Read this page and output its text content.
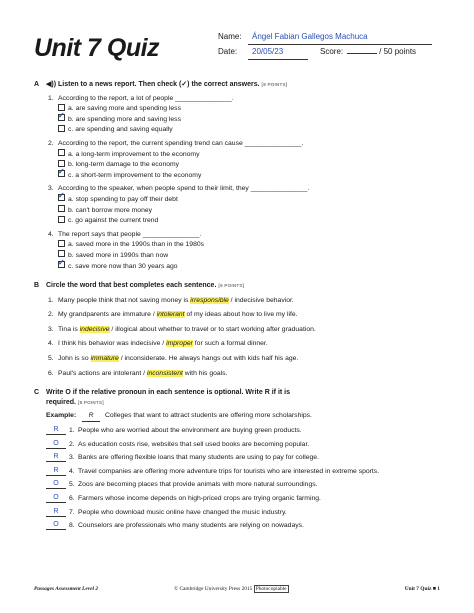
Unit 7 Quiz	Name: Ángel Fabian Gallegos Machuca
Date: 20/05/23	Score:	/ 50 points
A ◀)) Listen to a news report. Then check (✓) the correct answers. [8 POINTS]
1. According to the report, a lot of people _______________.
a. are saving more and spending less
✓ b. are spending more and saving less
c. are spending and saving equally
2. According to the report, the current spending trend can cause _______________.
a. a long-term improvement to the economy
b. long-term damage to the economy
✓ c. a short-term improvement to the economy
3. According to the speaker, when people spend to their limit, they _______________.
✓ a. stop spending to pay off their debt
b. can't borrow more money
c. go against the current trend
4. The report says that people _______________.
a. saved more in the 1990s than in the 1980s
b. saved more in 1990s than now
✓ c. save more now than 30 years ago
B Circle the word that best completes each sentence. [6 POINTS]
1. Many people think that not saving money is irresponsible / indecisive behavior.
2. My grandparents are immature / intolerant of my ideas about how to live my life.
3. Tina is indecisive / illogical about whether to travel or to start working after graduation.
4. I think his behavior was indecisive / improper for such a formal dinner.
5. John is so immature / inconsiderate. He always hangs out with kids half his age.
6. Paul's actions are intolerant / inconsistent with his goals.
C Write O if the relative pronoun in each sentence is optional. Write R if it is
required. [8 POINTS]
Example: R Colleges that want to attract students are offering more scholarships.
R	1. People who are worried about the environment are buying green products.
O	2. As education costs rise, websites that sell used books are becoming popular.
R	3. Banks are offering flexible loans that many students are using to pay for college.
R	4. Travel companies are offering more adventure trips for tourists who are interested in extreme sports.
O	5. Zoos are becoming places that provide animals with more natural surroundings.
O	6. Farmers whose income depends on high-priced crops are trying organic farming.
R	7. People who download music online have changed the music industry.
O	8. Counselors are professionals who many students are relying on nowadays.
Passages Assessment Level 2	© Cambridge University Press 2015 Photocopiable	Unit 7 Quiz ■ 1
